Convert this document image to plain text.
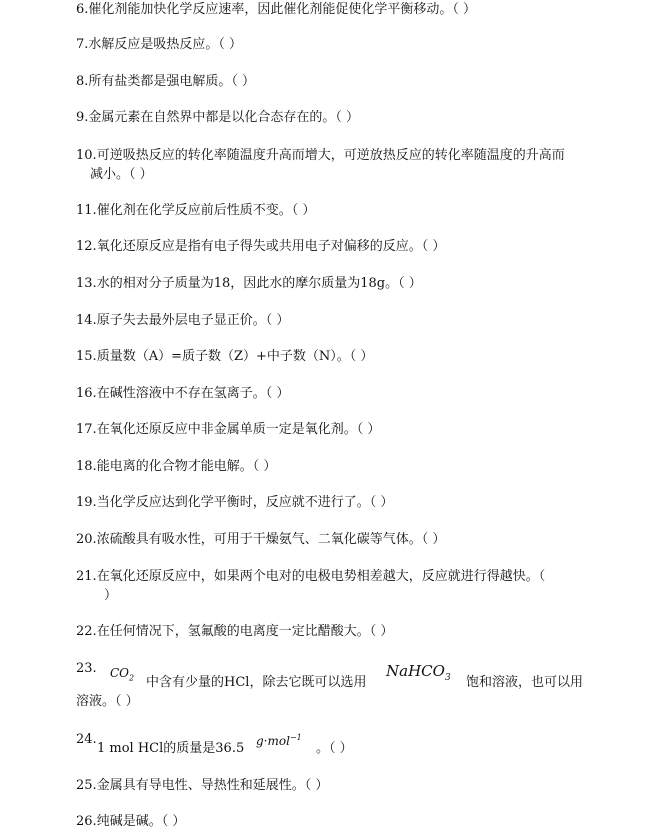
6.催化剂能加快化学反应速率，因此催化剂能促使化学平衡移动。（ ）
7.水解反应是吸热反应。（ ）
8.所有盐类都是强电解质。（ ）
9.金属元素在自然界中都是以化合态存在的。（ ）
10.可逆吸热反应的转化率随温度升高而增大，可逆放热反应的转化率随温度的升高而
减小。（ ）
11.催化剂在化学反应前后性质不变。（ ）
12.氧化还原反应是指有电子得失或共用电子对偏移的反应。（ ）
13.水的相对分子质量为18，因此水的摩尔质量为18g。（ ）
14.原子失去最外层电子显正价。（ ）
15.质量数（A）=质子数（Z）+中子数（N）。（ ）
16.在碱性溶液中不存在氢离子。（ ）
17.在氧化还原反应中非金属单质一定是氧化剂。（ ）
18.能电离的化合物才能电解。（ ）
19.当化学反应达到化学平衡时，反应就不进行了。（ ）
20.浓硫酸具有吸水性，可用于干燥氨气、二氧化碳等气体。（ ）
21.在氧化还原反应中，如果两个电对的电极电势相差越大，反应就进行得越快。（
）
22.在任何情况下，氢氟酸的电离度一定比醋酸大。（ ）
23. $CO_2$ 中含有少量的HCl，除去它既可以选用
NaHCO$_3$ 饱和溶液，也可以用
溶液。（ ）
24.
1 mol HCl的质量是36.5 g·mol$^{-1}$
。（ ）
25.金属具有导电性、导热性和延展性。（ ）
26.纯碱是碱。（ ）
